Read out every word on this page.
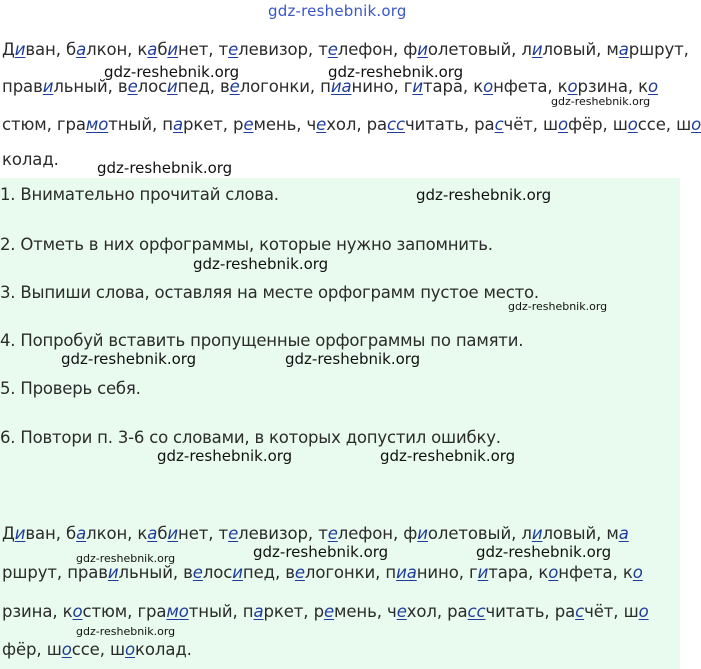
gdz-reshebnik.org
Диван, балкон, кабинет, телевизор, телефон, фиолетовый, лиловый, маршрут,
правильный, велосипед, велогонки, пианино, гитара, конфета, корзина, ко
стюм, грамотный, паркет, ремень, чехол, рассчитать, расчёт, шофёр, шоссе, шо
колад.
1. Внимательно прочитай слова.
2. Отметь в них орфограммы, которые нужно запомнить.
3. Выпиши слова, оставляя на месте орфограмм пустое место.
4. Попробуй вставить пропущенные орфограммы по памяти.
5. Проверь себя.
6. Повтори п. 3-6 со словами, в которых допустил ошибку.
Диван, балкон, кабинет, телевизор, телефон, фиолетовый, лиловый, ма
ршрут, правильный, велосипед, велогонки, пианино, гитара, конфета, ко
рзина, костюм, грамотный, паркет, ремень, чехол, рассчитать, расчёт, шо
фёр, шоссе, шоколад.
gdz-reshebnik.org	gdz-reshebnik.org
gdz-reshebnik.org
gdz-reshebnik.org
gdz-reshebnik.org
gdz-reshebnik.org
gdz-reshebnik.org
gdz-reshebnik.org	gdz-reshebnik.org
gdz-reshebnik.org	gdz-reshebnik.org
gdz-reshebnik.org	gdz-reshebnik.org	gdz-reshebnik.org
gdz-reshebnik.org
